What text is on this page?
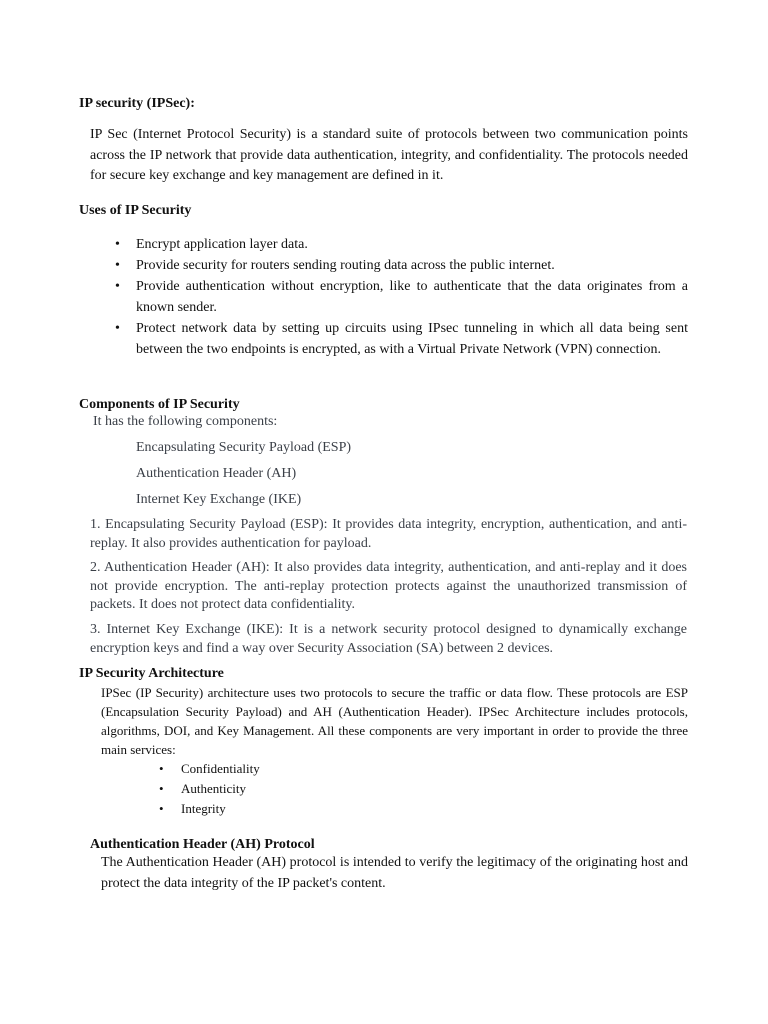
IP security (IPSec):
IP Sec (Internet Protocol Security) is a standard suite of protocols between two communication points across the IP network that provide data authentication, integrity, and confidentiality. The protocols needed for secure key exchange and key management are defined in it.
Uses of IP Security
• Encrypt application layer data.
• Provide security for routers sending routing data across the public internet.
• Provide authentication without encryption, like to authenticate that the data originates from a known sender.
• Protect network data by setting up circuits using IPsec tunneling in which all data being sent between the two endpoints is encrypted, as with a Virtual Private Network (VPN) connection.
Components of IP Security
It has the following components:
Encapsulating Security Payload (ESP)
Authentication Header (AH)
Internet Key Exchange (IKE)
1. Encapsulating Security Payload (ESP): It provides data integrity, encryption, authentication, and anti-replay. It also provides authentication for payload.
2. Authentication Header (AH): It also provides data integrity, authentication, and anti-replay and it does not provide encryption. The anti-replay protection protects against the unauthorized transmission of packets. It does not protect data confidentiality.
3. Internet Key Exchange (IKE): It is a network security protocol designed to dynamically exchange encryption keys and find a way over Security Association (SA) between 2 devices.
IP Security Architecture
IPSec (IP Security) architecture uses two protocols to secure the traffic or data flow. These protocols are ESP (Encapsulation Security Payload) and AH (Authentication Header). IPSec Architecture includes protocols, algorithms, DOI, and Key Management. All these components are very important in order to provide the three main services:
• Confidentiality
• Authenticity
• Integrity
Authentication Header (AH) Protocol
The Authentication Header (AH) protocol is intended to verify the legitimacy of the originating host and protect the data integrity of the IP packet's content.
